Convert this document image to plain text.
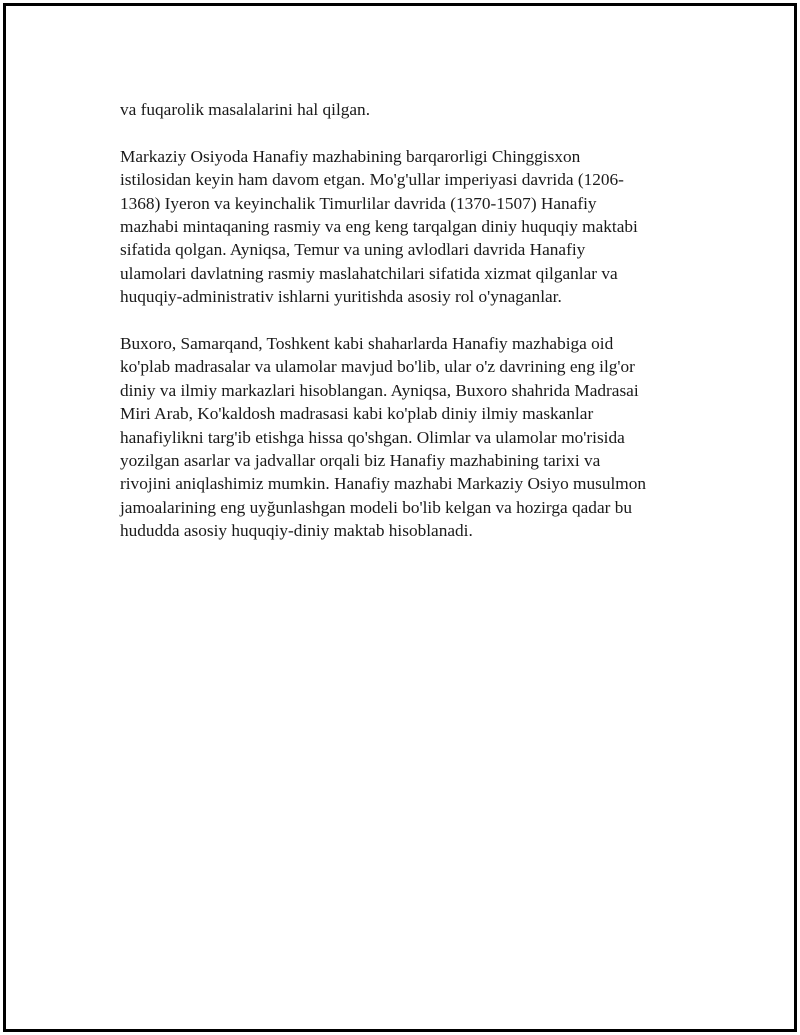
va fuqarolik masalalarini hal qilgan.

Markaziy Osiyoda Hanafiy mazhabining barqarorligi Chinggisxon
istilosidan keyin ham davom etgan. Mo'g'ullar imperiyasi davrida (1206-
1368) Iyeron va keyinchalik Timurlilar davrida (1370-1507) Hanafiy
mazhabi mintaqaning rasmiy va eng keng tarqalgan diniy huquqiy maktabi
sifatida qolgan. Ayniqsa, Temur va uning avlodlari davrida Hanafiy
ulamolari davlatning rasmiy maslahatchilari sifatida xizmat qilganlar va
huquqiy-administrativ ishlarni yuritishda asosiy rol o'ynaganlar.

Buxoro, Samarqand, Toshkent kabi shaharlarda Hanafiy mazhabiga oid
ko'plab madrasalar va ulamolar mavjud bo'lib, ular o'z davrining eng ilg'or
diniy va ilmiy markazlari hisoblangan. Ayniqsa, Buxoro shahrida Madrasai
Miri Arab, Ko'kaldosh madrasasi kabi ko'plab diniy ilmiy maskanlar
hanafiylikni targ'ib etishga hissa qo'shgan. Olimlar va ulamolar mo'risida
yozilgan asarlar va jadvallar orqali biz Hanafiy mazhabining tarixi va
rivojini aniqlashimiz mumkin. Hanafiy mazhabi Markaziy Osiyo musulmon
jamoalarining eng uyğunlashgan modeli bo'lib kelgan va hozirga qadar bu
hududda asosiy huquqiy-diniy maktab hisoblanadi.
